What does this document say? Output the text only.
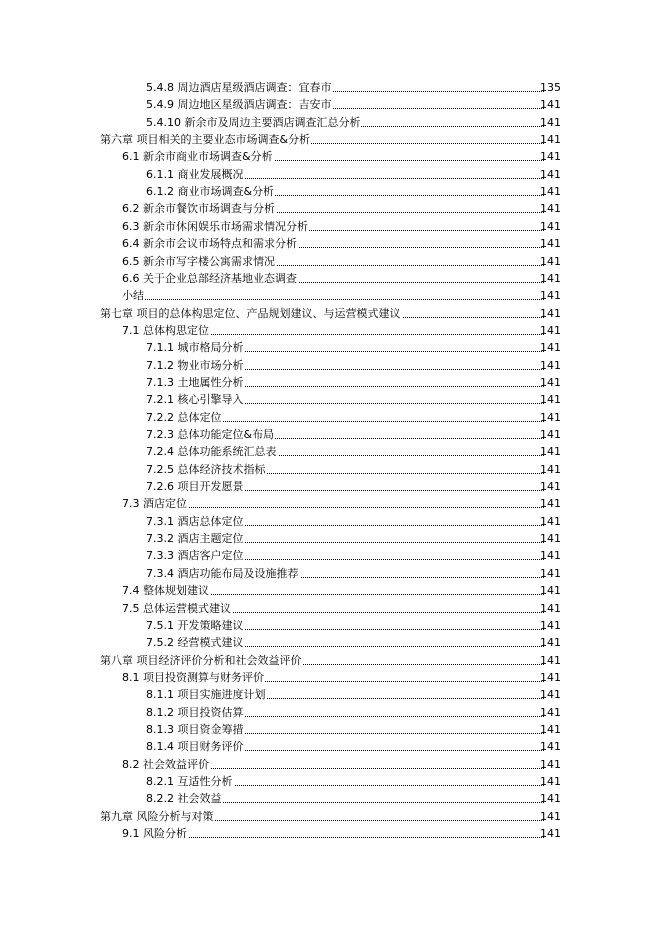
5.4.8 周边酒店星级酒店调查：宜春市	135
5.4.9 周边地区星级酒店调查：吉安市	141
5.4.10 新余市及周边主要酒店调查汇总分析	141
第六章 项目相关的主要业态市场调查&分析	141
6.1 新余市商业市场调查&分析	141
6.1.1 商业发展概况	141
6.1.2 商业市场调查&分析	141
6.2 新余市餐饮市场调查与分析	141
6.3 新余市休闲娱乐市场需求情况分析	141
6.4 新余市会议市场特点和需求分析	141
6.5 新余市写字楼公寓需求情况	141
6.6 关于企业总部经济基地业态调查	141
小结	141
第七章 项目的总体构思定位、产品规划建议、与运营模式建议	141
7.1 总体构思定位	141
7.1.1 城市格局分析	141
7.1.2 物业市场分析	141
7.1.3 土地属性分析	141
7.2.1 核心引擎导入	141
7.2.2 总体定位	141
7.2.3 总体功能定位&布局	141
7.2.4 总体功能系统汇总表	141
7.2.5 总体经济技术指标	141
7.2.6 项目开发愿景	141
7.3 酒店定位	141
7.3.1 酒店总体定位	141
7.3.2 酒店主题定位	141
7.3.3 酒店客户定位	141
7.3.4 酒店功能布局及设施推荐	141
7.4 整体规划建议	141
7.5 总体运营模式建议	141
7.5.1 开发策略建议	141
7.5.2 经营模式建议	141
第八章 项目经济评价分析和社会效益评价	141
8.1 项目投资测算与财务评价	141
8.1.1 项目实施进度计划	141
8.1.2 项目投资估算	141
8.1.3 项目资金筹措	141
8.1.4 项目财务评价	141
8.2 社会效益评价	141
8.2.1 互适性分析	141
8.2.2 社会效益	141
第九章 风险分析与对策	141
9.1 风险分析	141
